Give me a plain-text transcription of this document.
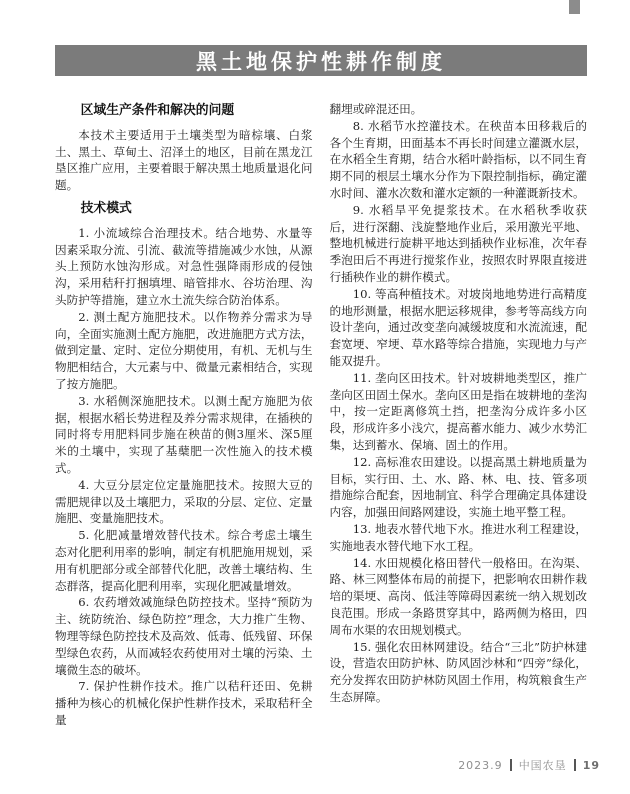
黑土地保护性耕作制度
区域生产条件和解决的问题

本技术主要适用于土壤类型为暗棕壤、白浆土、黑土、草甸土、沼泽土的地区，目前在黑龙江垦区推广应用，主要着眼于解决黑土地质量退化问题。

技术模式

1. 小流域综合治理技术。结合地势、水量等因素采取分流、引流、截流等措施减少水蚀，从源头上预防水蚀沟形成。对急性强降雨形成的侵蚀沟，采用秸秆打捆填埋、暗管排水、谷坊治理、沟头防护等措施，建立水土流失综合防治体系。

2. 测土配方施肥技术。以作物养分需求为导向，全面实施测土配方施肥，改进施肥方式方法，做到定量、定时、定位分期使用，有机、无机与生物肥相结合，大元素与中、微量元素相结合，实现了按方施肥。

3. 水稻侧深施肥技术。以测土配方施肥为依据，根据水稻长势进程及养分需求规律，在插秧的同时将专用肥料同步施在秧苗的侧3厘米、深5厘米的土壤中，实现了基蘖肥一次性施入的技术模式。

4. 大豆分层定位定量施肥技术。按照大豆的需肥规律以及土壤肥力，采取的分层、定位、定量施肥、变量施肥技术。

5. 化肥减量增效替代技术。综合考虑土壤生态对化肥利用率的影响，制定有机肥施用规划，采用有机肥部分或全部替代化肥，改善土壤结构、生态群落，提高化肥利用率，实现化肥减量增效。

6. 农药增效减施绿色防控技术。坚持“预防为主、统防统治、绿色防控”理念，大力推广生物、物理等绿色防控技术及高效、低毒、低残留、环保型绿色农药，从而减轻农药使用对土壤的污染、土壤微生态的破坏。

7. 保护性耕作技术。推广以秸秆还田、免耕播种为核心的机械化保护性耕作技术，采取秸秆全量

翻埋或碎混还田。

8. 水稻节水控灌技术。在秧苗本田移栽后的各个生育期，田面基本不再长时间建立灌溉水层，在水稻全生育期，结合水稻叶龄指标，以不同生育期不同的根层土壤水分作为下限控制指标，确定灌水时间、灌水次数和灌水定额的一种灌溉新技术。

9. 水稻旱平免提浆技术。在水稻秋季收获后，进行深翻、浅旋整地作业后，采用激光平地、整地机械进行旋耕平地达到插秧作业标准，次年春季泡田后不再进行搅浆作业，按照农时界限直接进行插秧作业的耕作模式。

10. 等高种植技术。对坡岗地地势进行高精度的地形测量，根据水肥运移规律，参考等高线方向设计垄向，通过改变垄向减缓坡度和水流流速，配套宽埂、窄埂、草水路等综合措施，实现地力与产能双提升。

11. 垄向区田技术。针对坡耕地类型区，推广垄向区田固土保水。垄向区田是指在坡耕地的垄沟中，按一定距离修筑土挡，把垄沟分成许多小区段，形成许多小浅穴，提高蓄水能力、减少水势汇集，达到蓄水、保墒、固土的作用。

12. 高标准农田建设。以提高黑土耕地质量为目标，实行田、土、水、路、林、电、技、管多项措施综合配套，因地制宜、科学合理确定具体建设内容，加强田间路网建设，实施土地平整工程。

13. 地表水替代地下水。推进水利工程建设，实施地表水替代地下水工程。

14. 水田规模化格田替代一般格田。在沟渠、路、林三网整体布局的前提下，把影响农田耕作栽培的渠埂、高岗、低洼等障碍因素统一纳入规划改良范围。形成一条路贯穿其中，路两侧为格田，四周布水渠的农田规划模式。

15. 强化农田林网建设。结合“三北”防护林建设，营造农田防护林、防风固沙林和“四旁”绿化，充分发挥农田防护林防风固土作用，构筑粮食生产生态屏障。

2023.9 中国农垦 19
